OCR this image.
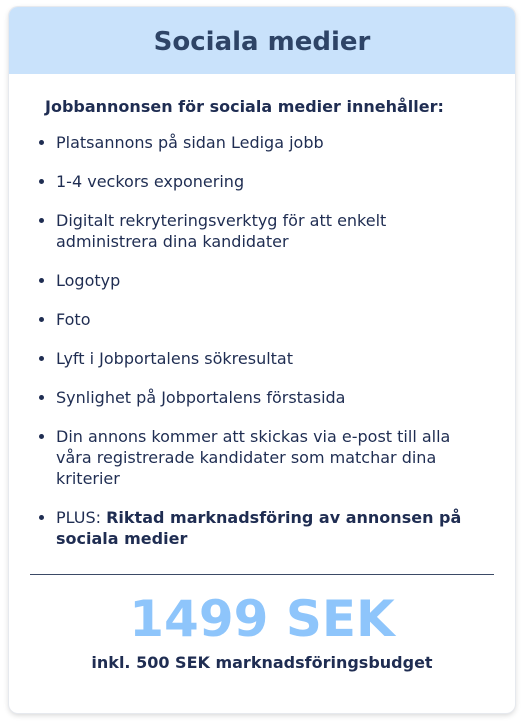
Sociala medier
Jobbannonsen för sociala medier innehåller:
Platsannons på sidan Lediga jobb
1-4 veckors exponering
Digitalt rekryteringsverktyg för att enkelt administrera dina kandidater
Logotyp
Foto
Lyft i Jobportalens sökresultat
Synlighet på Jobportalens förstasida
Din annons kommer att skickas via e-post till alla våra registrerade kandidater som matchar dina kriterier
PLUS: Riktad marknadsföring av annonsen på sociala medier
1499 SEK
inkl. 500 SEK marknadsföringsbudget
